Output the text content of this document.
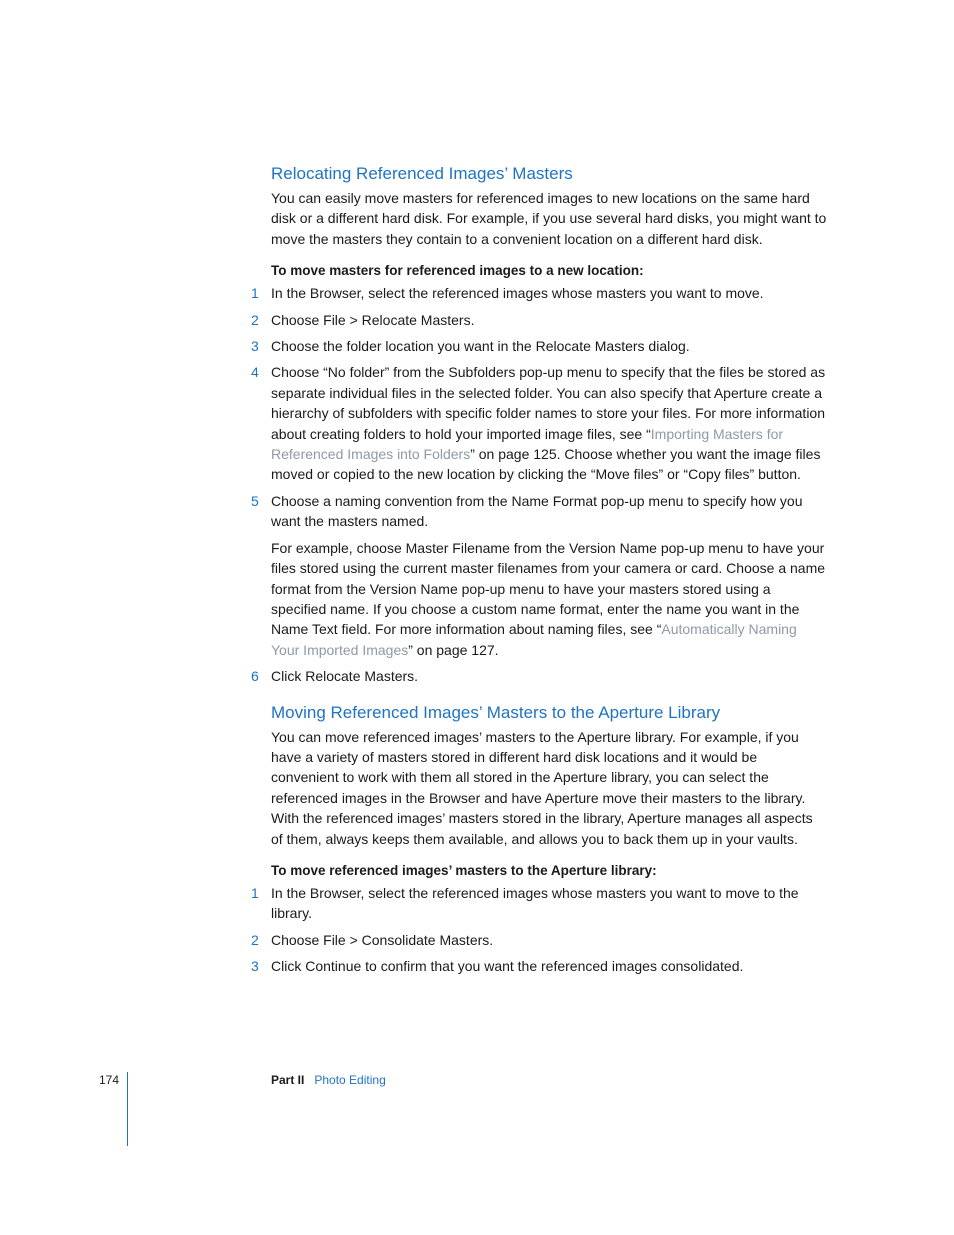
Relocating Referenced Images’ Masters

You can easily move masters for referenced images to new locations on the same hard disk or a different hard disk. For example, if you use several hard disks, you might want to move the masters they contain to a convenient location on a different hard disk.

To move masters for referenced images to a new location:

1 In the Browser, select the referenced images whose masters you want to move.
2 Choose File > Relocate Masters.
3 Choose the folder location you want in the Relocate Masters dialog.
4 Choose “No folder” from the Subfolders pop-up menu to specify that the files be stored as separate individual files in the selected folder. You can also specify that Aperture create a hierarchy of subfolders with specific folder names to store your files. For more information about creating folders to hold your imported image files, see “Importing Masters for Referenced Images into Folders” on page 125. Choose whether you want the image files moved or copied to the new location by clicking the “Move files” or “Copy files” button.
5 Choose a naming convention from the Name Format pop-up menu to specify how you want the masters named.

For example, choose Master Filename from the Version Name pop-up menu to have your files stored using the current master filenames from your camera or card. Choose a name format from the Version Name pop-up menu to have your masters stored using a specified name. If you choose a custom name format, enter the name you want in the Name Text field. For more information about naming files, see “Automatically Naming Your Imported Images” on page 127.

6 Click Relocate Masters.
Moving Referenced Images’ Masters to the Aperture Library

You can move referenced images’ masters to the Aperture library. For example, if you have a variety of masters stored in different hard disk locations and it would be convenient to work with them all stored in the Aperture library, you can select the referenced images in the Browser and have Aperture move their masters to the library. With the referenced images’ masters stored in the library, Aperture manages all aspects of them, always keeps them available, and allows you to back them up in your vaults.

To move referenced images’ masters to the Aperture library:

1 In the Browser, select the referenced images whose masters you want to move to the library.
2 Choose File > Consolidate Masters.
3 Click Continue to confirm that you want the referenced images consolidated.
174	Part II Photo Editing
